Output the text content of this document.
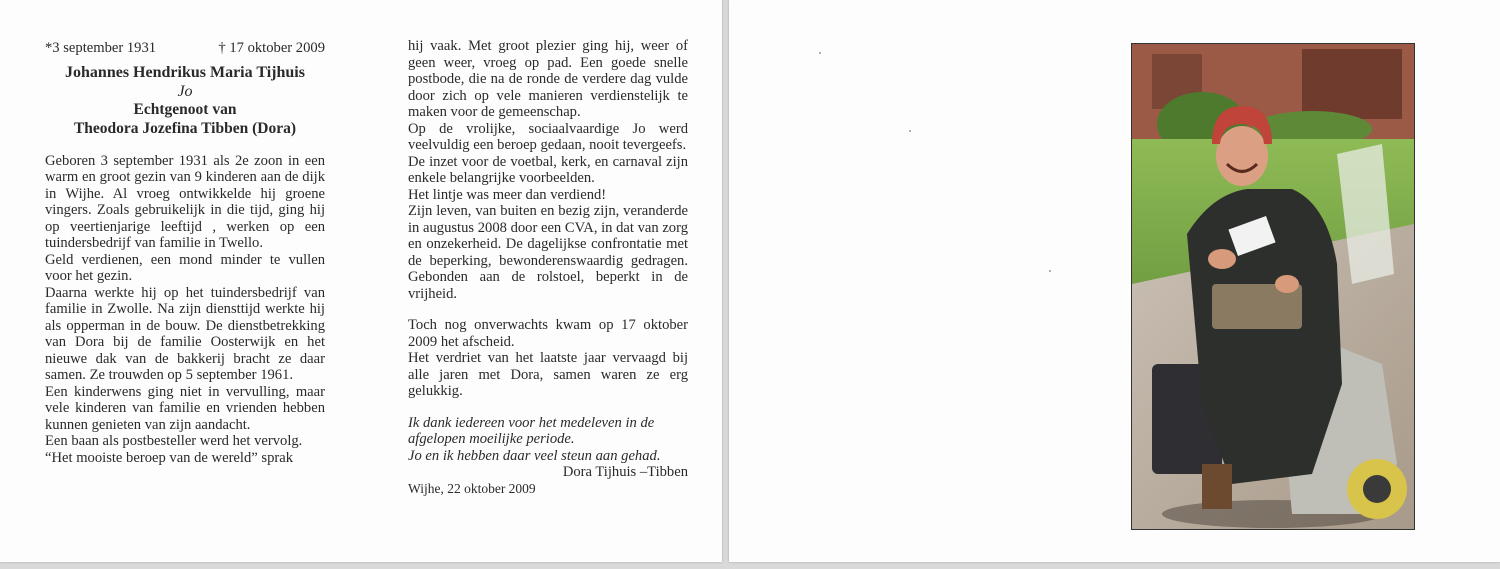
*3 september 1931	† 17 oktober 2009
Johannes Hendrikus Maria Tijhuis
Jo
Echtgenoot van
Theodora Jozefina Tibben (Dora)

Geboren 3 september 1931 als 2e zoon in een warm en groot gezin van 9 kinderen aan de dijk in Wijhe. Al vroeg ontwikkelde hij groene vingers. Zoals gebruikelijk in die tijd, ging hij op veertienjarige leeftijd , werken op een tuindersbedrijf van familie in Twello.

Geld verdienen, een mond minder te vullen voor het gezin.

Daarna werkte hij op het tuindersbedrijf van familie in Zwolle. Na zijn diensttijd werkte hij als opperman in de bouw. De dienstbetrekking van Dora bij de familie Oosterwijk en het nieuwe dak van de bakkerij bracht ze daar samen. Ze trouwden op 5 september 1961.

Een kinderwens ging niet in vervulling, maar vele kinderen van familie en vrienden hebben kunnen genieten van zijn aandacht.

Een baan als postbesteller werd het vervolg.

“Het mooiste beroep van de wereld” sprak

hij vaak. Met groot plezier ging hij, weer of geen weer, vroeg op pad. Een goede snelle postbode, die na de ronde de verdere dag vulde door zich op vele manieren verdienstelijk te maken voor de gemeenschap.

Op de vrolijke, sociaalvaardige Jo werd veelvuldig een beroep gedaan, nooit tevergeefs.

De inzet voor de voetbal, kerk, en carnaval zijn enkele belangrijke voorbeelden.

Het lintje was meer dan verdiend!

Zijn leven, van buiten en bezig zijn, veranderde in augustus 2008 door een CVA, in dat van zorg en onzekerheid. De dagelijkse confrontatie met de beperking, bewonderenswaardig gedragen. Gebonden aan de rolstoel, beperkt in de vrijheid.

Toch nog onverwachts kwam op 17 oktober 2009 het afscheid.

Het verdriet van het laatste jaar vervaagd bij alle jaren met Dora, samen waren ze erg gelukkig.

Ik dank iedereen voor het medeleven in de afgelopen moeilijke periode.

Jo en ik hebben daar veel steun aan gehad.

Dora Tijhuis –Tibben

Wijhe, 22 oktober 2009
